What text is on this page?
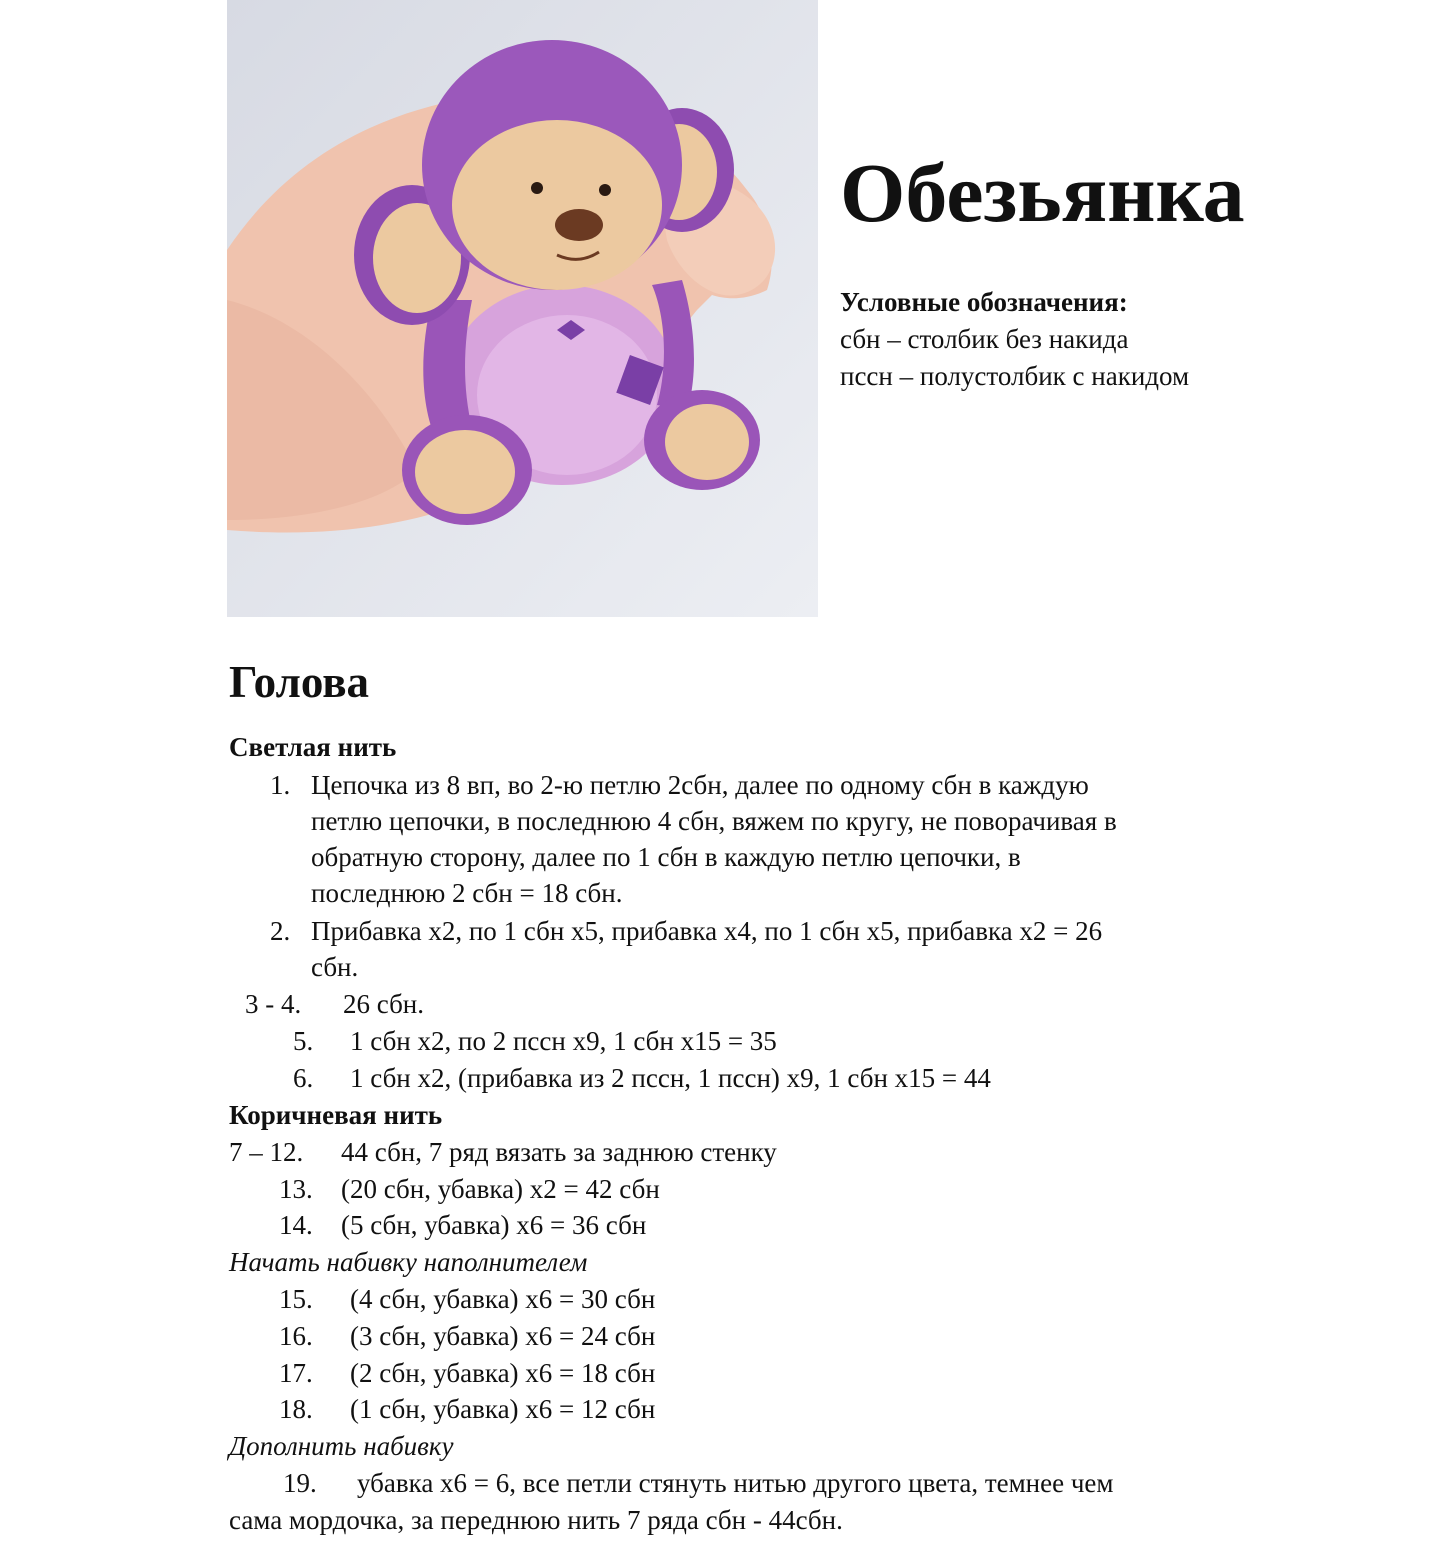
Обезьянка
Условные обозначения:
сбн – столбик без накида
пссн – полустолбик с накидом
Голова
Светлая нить
1. Цепочка из 8 вп, во 2-ю петлю 2сбн, далее по одному сбн в каждую
петлю цепочки, в последнюю 4 сбн, вяжем по кругу, не поворачивая в
обратную сторону, далее по 1 сбн в каждую петлю цепочки, в
последнюю 2 сбн = 18 сбн.
2. Прибавка х2, по 1 сбн х5, прибавка х4, по 1 сбн х5, прибавка х2 = 26
сбн.
3 - 4. 26 сбн.
5. 1 сбн х2, по 2 пссн х9, 1 сбн х15 = 35
6. 1 сбн х2, (прибавка из 2 пссн, 1 пссн) х9, 1 сбн х15 = 44
Коричневая нить
7 – 12. 44 сбн, 7 ряд вязать за заднюю стенку
13. (20 сбн, убавка) х2 = 42 сбн
14. (5 сбн, убавка) х6 = 36 сбн
Начать набивку наполнителем
15. (4 сбн, убавка) х6 = 30 сбн
16. (3 сбн, убавка) х6 = 24 сбн
17. (2 сбн, убавка) х6 = 18 сбн
18. (1 сбн, убавка) х6 = 12 сбн
Дополнить набивку
19. убавка х6 = 6, все петли стянуть нитью другого цвета, темнее чем
сама мордочка, за переднюю нить 7 ряда сбн - 44сбн.
